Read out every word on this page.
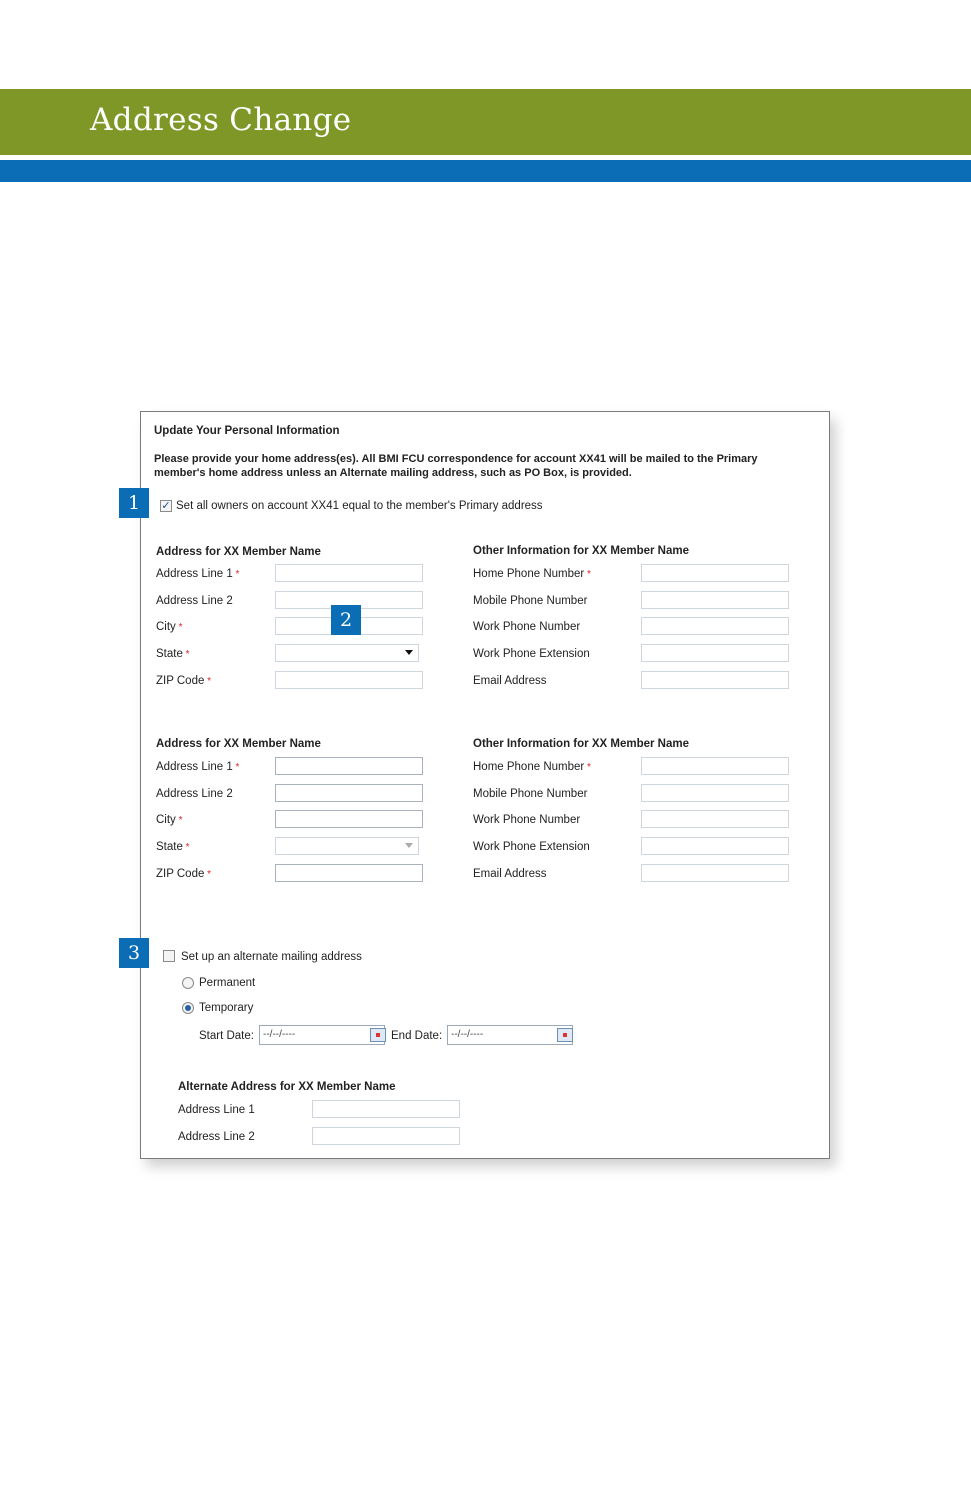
Address Change
Update Your Personal Information
Please provide your home address(es). All BMI FCU correspondence for account XX41 will be mailed to the Primary
member's home address unless an Alternate mailing address, such as PO Box, is provided.
✓ Set all owners on account XX41 equal to the member's Primary address
Address for XX Member Name	Other Information for XX Member Name
Address Line 1 *
Address Line 2
City *
State *
ZIP Code *
Home Phone Number *
Mobile Phone Number
Work Phone Number
Work Phone Extension
Email Address
Address for XX Member Name	Other Information for XX Member Name
Address Line 1 *
Address Line 2
City *
State *
ZIP Code *
Home Phone Number *
Mobile Phone Number
Work Phone Number
Work Phone Extension
Email Address
Set up an alternate mailing address
Permanent
Temporary
Start Date: --/--/----	End Date: --/--/----
Alternate Address for XX Member Name
Address Line 1
Address Line 2
1
2
3
